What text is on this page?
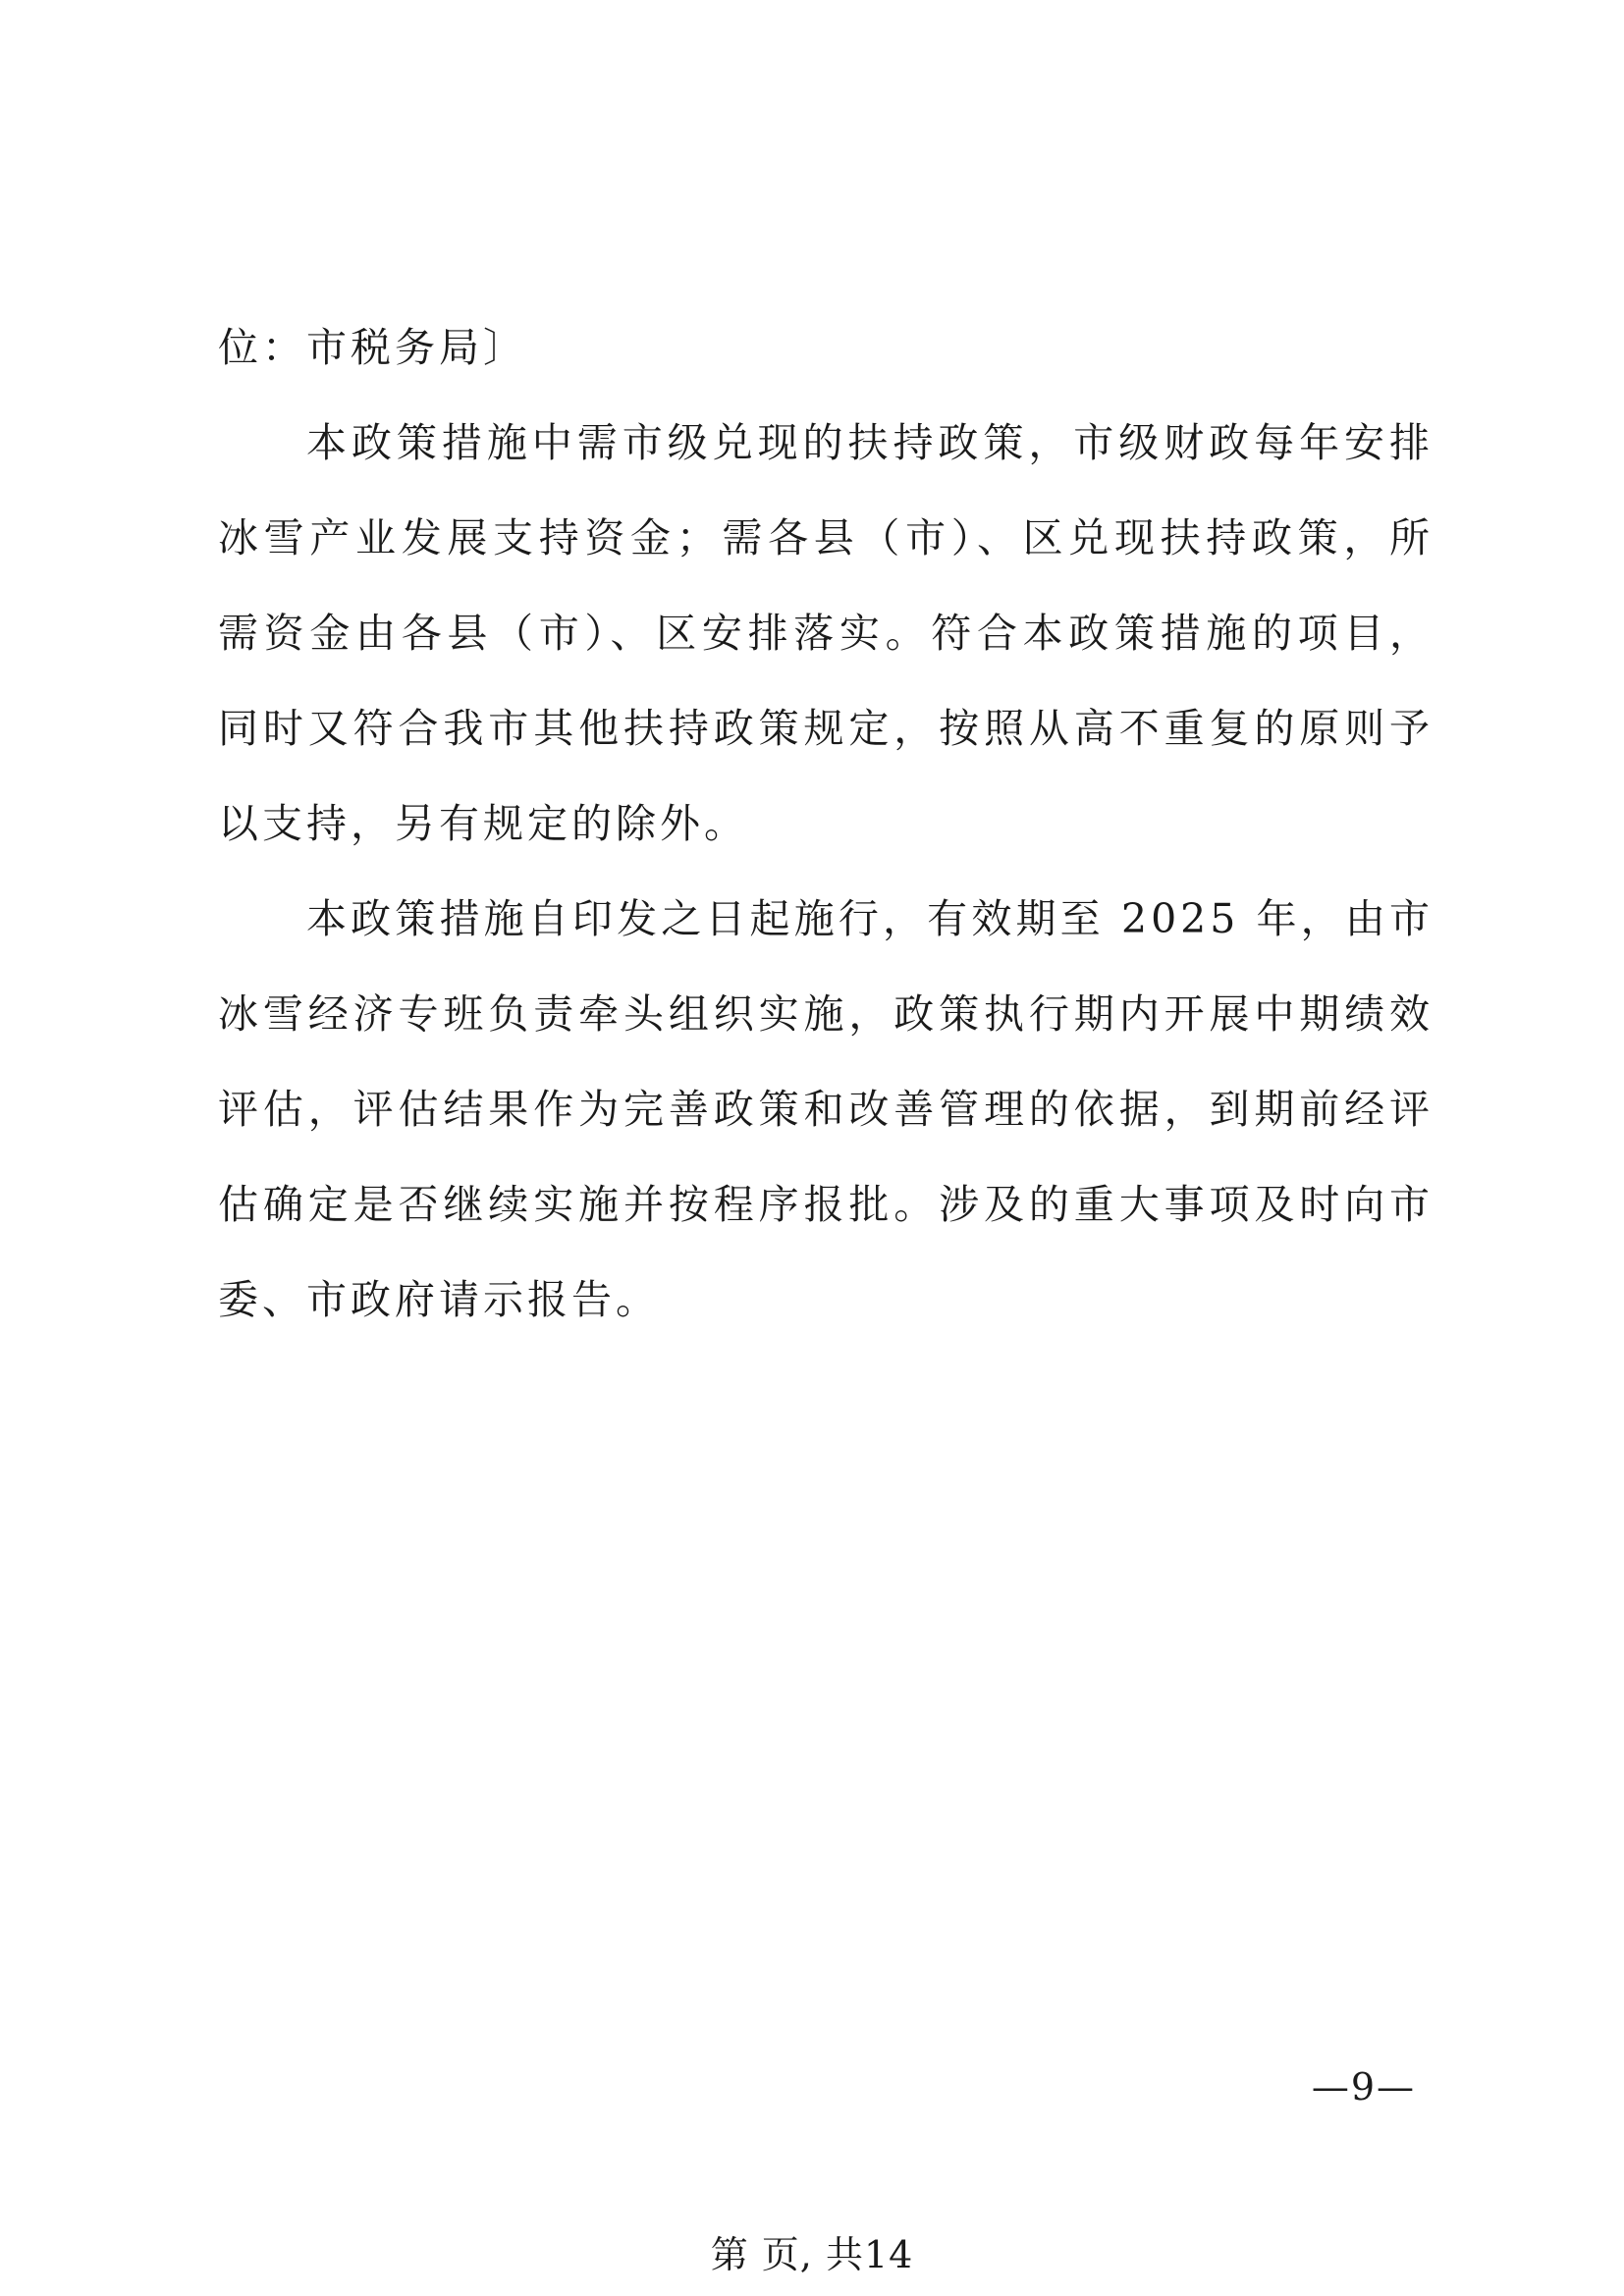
位：市税务局〕

本政策措施中需市级兑现的扶持政策，市级财政每年安排冰雪产业发展支持资金；需各县（市）、区兑现扶持政策，所需资金由各县（市）、区安排落实。符合本政策措施的项目，同时又符合我市其他扶持政策规定，按照从高不重复的原则予以支持，另有规定的除外。

本政策措施自印发之日起施行，有效期至 2025 年，由市冰雪经济专班负责牵头组织实施，政策执行期内开展中期绩效评估，评估结果作为完善政策和改善管理的依据，到期前经评估确定是否继续实施并按程序报批。涉及的重大事项及时向市委、市政府请示报告。

—9—
第 页, 共14
